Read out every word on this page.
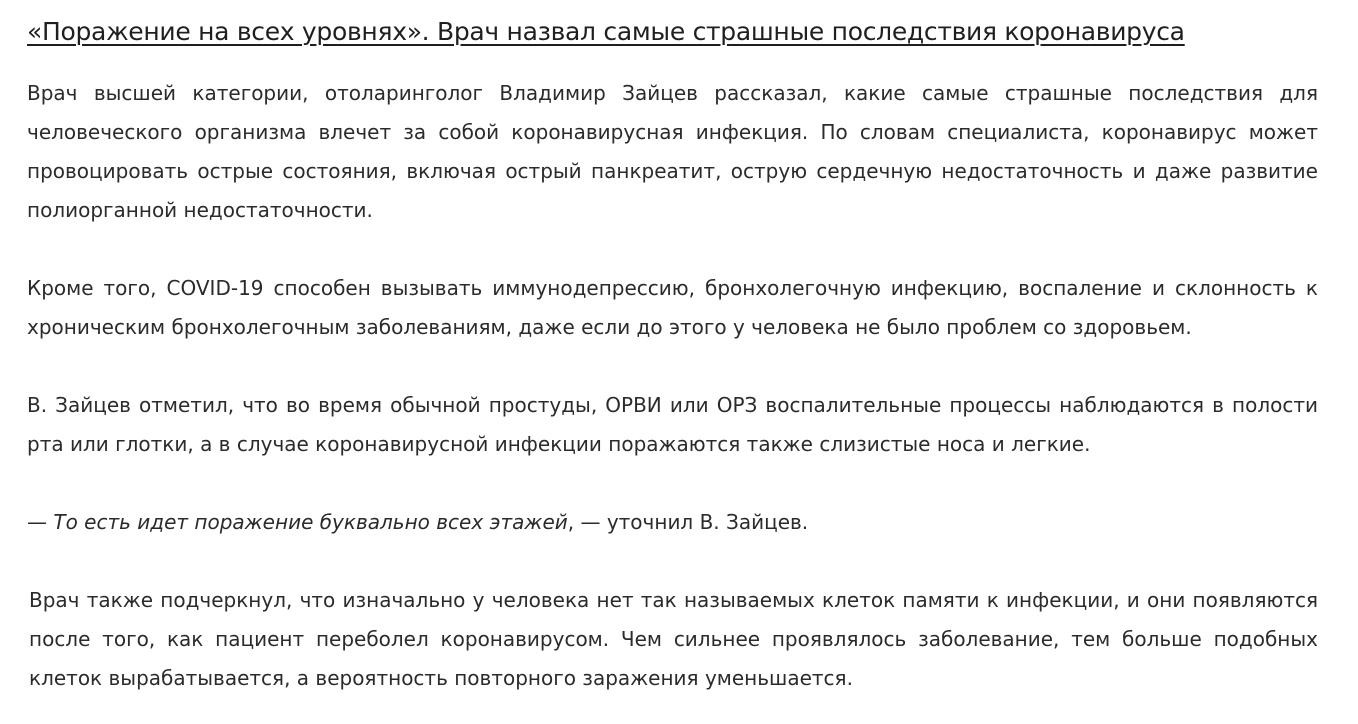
«Поражение на всех уровнях». Врач назвал самые страшные последствия коронавируса

Врач высшей категории, отоларинголог Владимир Зайцев рассказал, какие самые страшные последствия для человеческого организма влечет за собой коронавирусная инфекция. По словам специалиста, коронавирус может провоцировать острые состояния, включая острый панкреатит, острую сердечную недостаточность и даже развитие полиорганной недостаточности.

Кроме того, COVID-19 способен вызывать иммунодепрессию, бронхолегочную инфекцию, воспаление и склонность к хроническим бронхолегочным заболеваниям, даже если до этого у человека не было проблем со здоровьем.

В. Зайцев отметил, что во время обычной простуды, ОРВИ или ОРЗ воспалительные процессы наблюдаются в полости рта или глотки, а в случае коронавирусной инфекции поражаются также слизистые носа и легкие.

— То есть идет поражение буквально всех этажей, — уточнил В. Зайцев.

Врач также подчеркнул, что изначально у человека нет так называемых клеток памяти к инфекции, и они появляются после того, как пациент переболел коронавирусом. Чем сильнее проявлялось заболевание, тем больше подобных клеток вырабатывается, а вероятность повторного заражения уменьшается.
